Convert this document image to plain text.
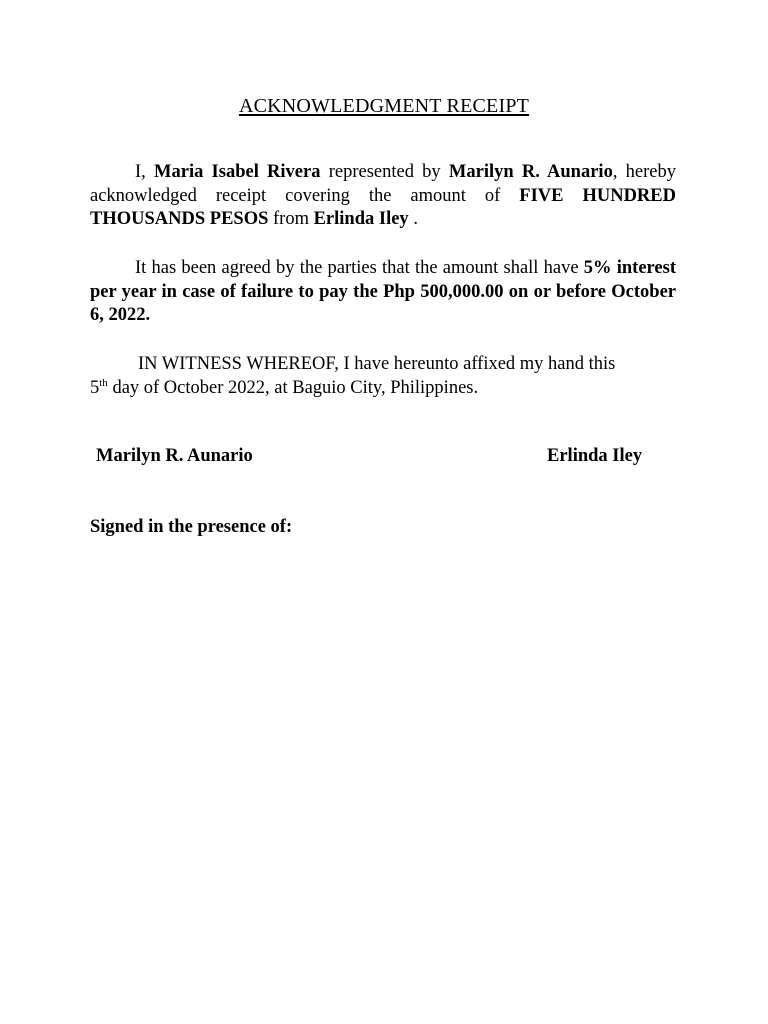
ACKNOWLEDGMENT RECEIPT
I, Maria Isabel Rivera represented by Marilyn R. Aunario, hereby acknowledged receipt covering the amount of FIVE HUNDRED THOUSANDS PESOS from Erlinda Iley .
It has been agreed by the parties that the amount shall have 5% interest per year in case of failure to pay the Php 500,000.00 on or before October 6, 2022.
IN WITNESS WHEREOF, I have hereunto affixed my hand this
5th day of October 2022, at Baguio City, Philippines.
Marilyn R. Aunario	Erlinda Iley
Signed in the presence of:
